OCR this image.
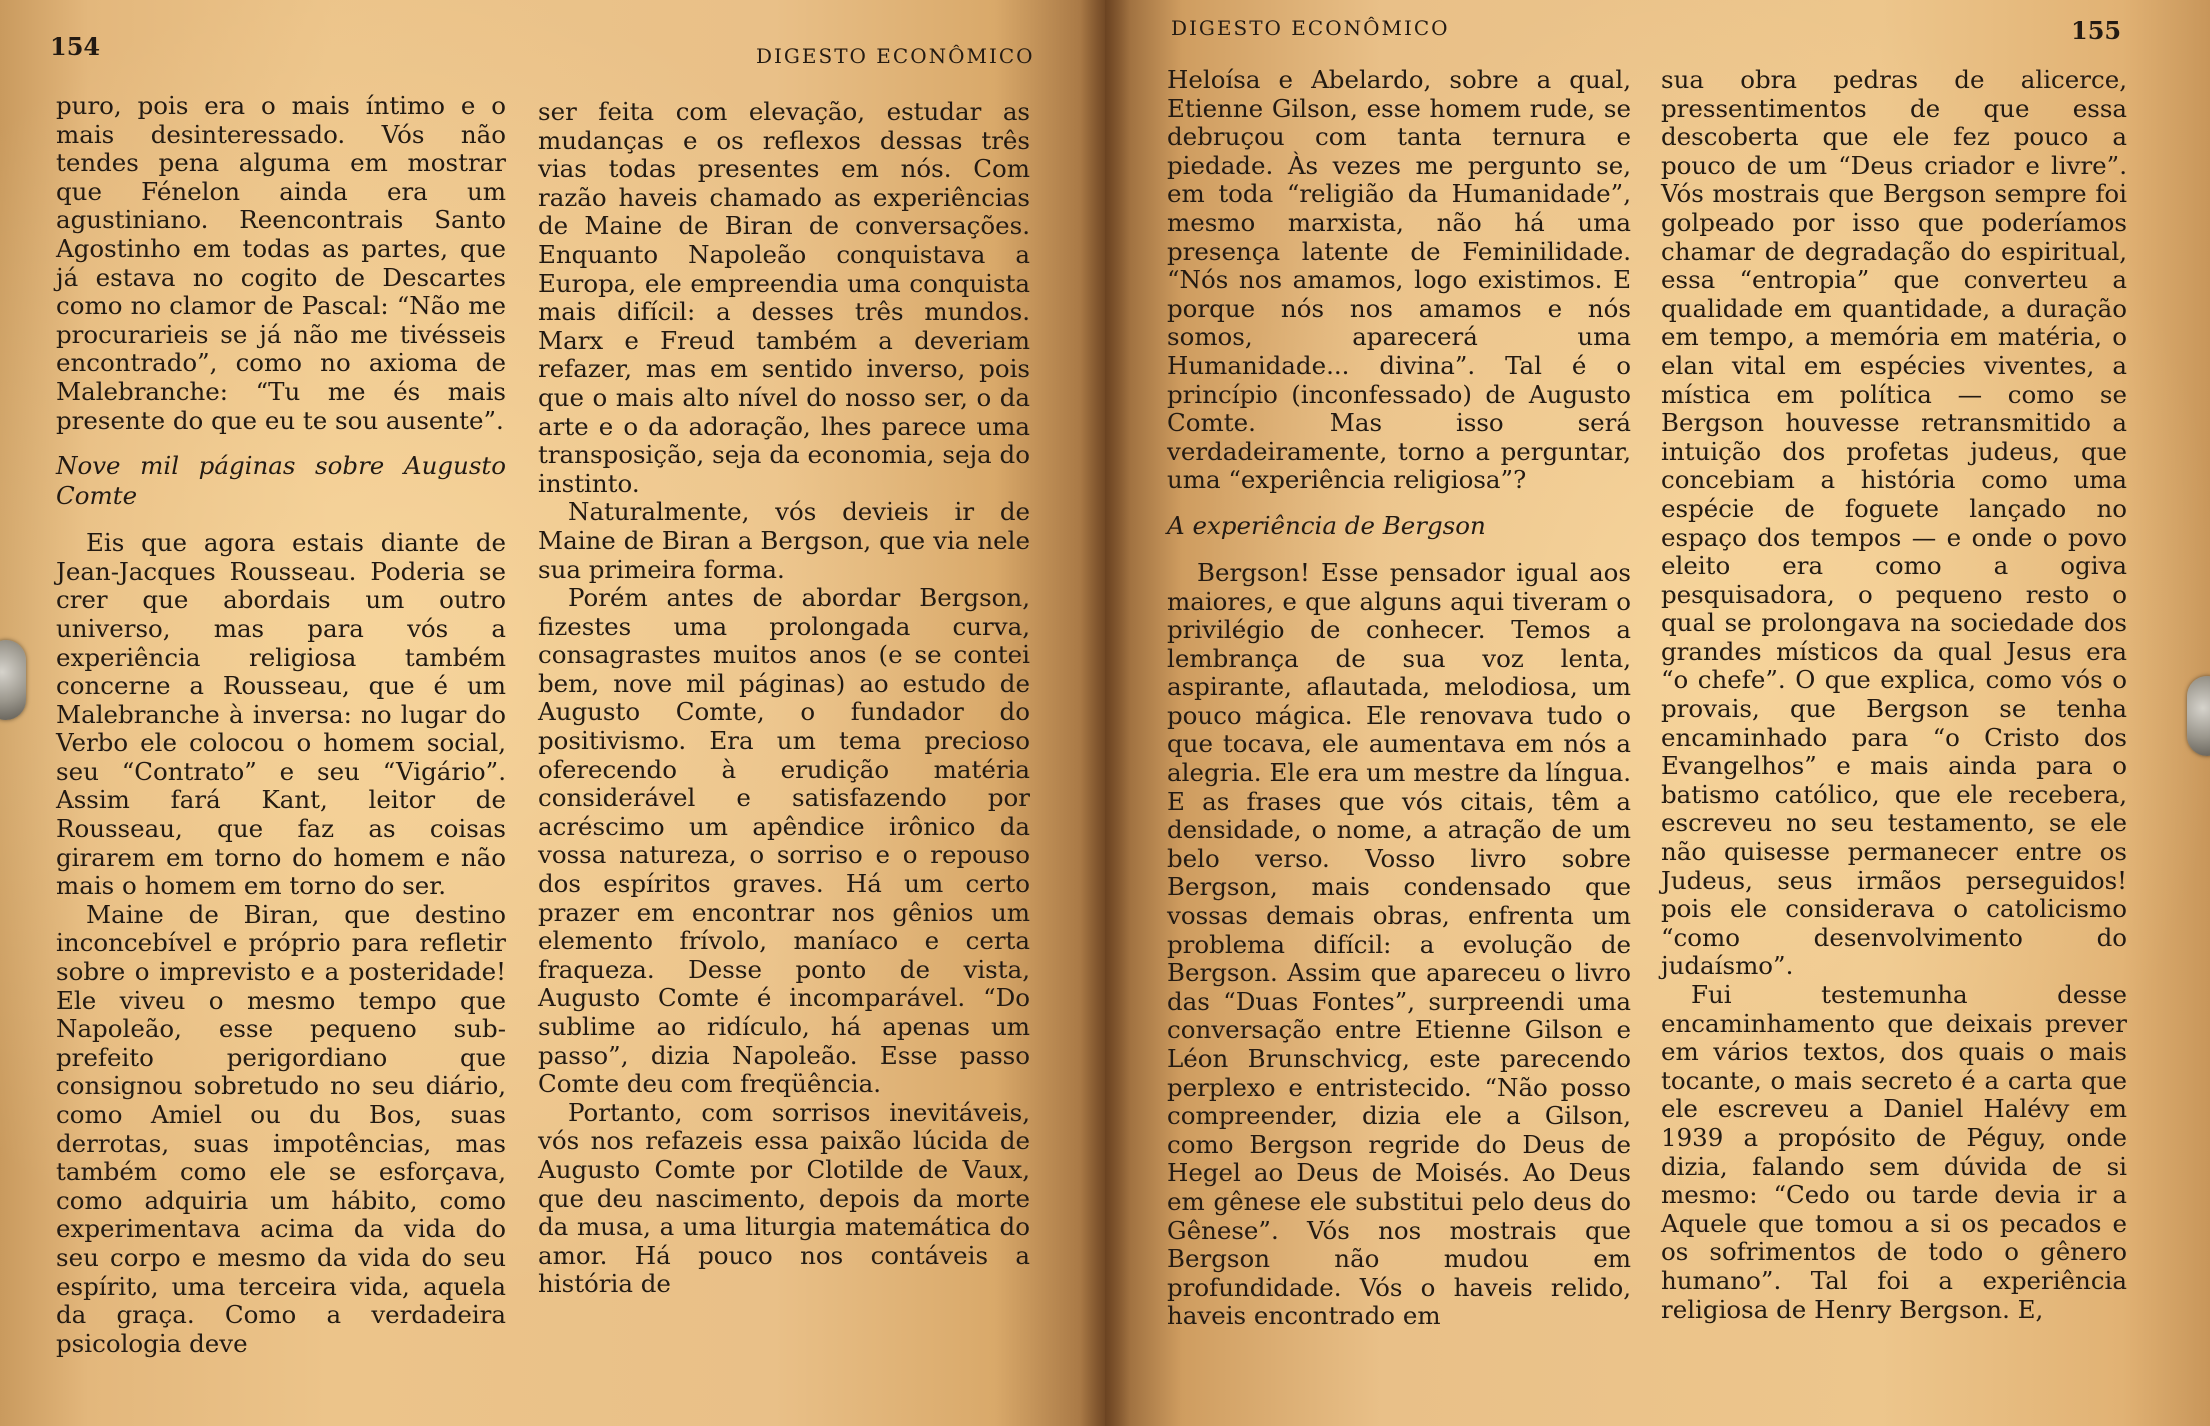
154	DIGESTO ECONÔMICO

puro, pois era o mais íntimo e o mais desinteressado. Vós não tendes pena alguma em mostrar que Fénelon ainda era um agustiniano. Reencontrais Santo Agostinho em todas as partes, que já estava no cogito de Descartes como no clamor de Pascal: “Não me procurarieis se já não me tivésseis encontrado”, como no axioma de Malebranche: “Tu me és mais presente do que eu te sou ausente”.

Nove mil páginas sobre Augusto Comte

Eis que agora estais diante de Jean-Jacques Rousseau. Poderia se crer que abordais um outro universo, mas para vós a experiência religiosa também concerne a Rousseau, que é um Malebranche à inversa: no lugar do Verbo ele colocou o homem social, seu “Contrato” e seu “Vigário”. Assim fará Kant, leitor de Rousseau, que faz as coisas girarem em torno do homem e não mais o homem em torno do ser.

Maine de Biran, que destino inconcebível e próprio para refletir sobre o imprevisto e a posteridade! Ele viveu o mesmo tempo que Napoleão, esse pequeno sub-prefeito perigordiano que consignou sobretudo no seu diário, como Amiel ou du Bos, suas derrotas, suas impotências, mas também como ele se esforçava, como adquiria um hábito, como experimentava acima da vida do seu corpo e mesmo da vida do seu espírito, uma terceira vida, aquela da graça. Como a verdadeira psicologia deve

ser feita com elevação, estudar as mudanças e os reflexos dessas três vias todas presentes em nós. Com razão haveis chamado as experiências de Maine de Biran de conversações. Enquanto Napoleão conquistava a Europa, ele empreendia uma conquista mais difícil: a desses três mundos. Marx e Freud também a deveriam refazer, mas em sentido inverso, pois que o mais alto nível do nosso ser, o da arte e o da adoração, lhes parece uma transposição, seja da economia, seja do instinto.

Naturalmente, vós devieis ir de Maine de Biran a Bergson, que via nele sua primeira forma.

Porém antes de abordar Bergson, fizestes uma prolongada curva, consagrastes muitos anos (e se contei bem, nove mil páginas) ao estudo de Augusto Comte, o fundador do positivismo. Era um tema precioso oferecendo à erudição matéria considerável e satisfazendo por acréscimo um apêndice irônico da vossa natureza, o sorriso e o repouso dos espíritos graves. Há um certo prazer em encontrar nos gênios um elemento frívolo, maníaco e certa fraqueza. Desse ponto de vista, Augusto Comte é incomparável. “Do sublime ao ridículo, há apenas um passo”, dizia Napoleão. Esse passo Comte deu com freqüência.

Portanto, com sorrisos inevitáveis, vós nos refazeis essa paixão lúcida de Augusto Comte por Clotilde de Vaux, que deu nascimento, depois da morte da musa, a uma liturgia matemática do amor. Há pouco nos contáveis a história de

DIGESTO ECONÔMICO	155

Heloísa e Abelardo, sobre a qual, Etienne Gilson, esse homem rude, se debruçou com tanta ternura e piedade. Às vezes me pergunto se, em toda “religião da Humanidade”, mesmo marxista, não há uma presença latente de Feminilidade. “Nós nos amamos, logo existimos. E porque nós nos amamos e nós somos, aparecerá uma Humanidade... divina”. Tal é o princípio (inconfessado) de Augusto Comte. Mas isso será verdadeiramente, torno a perguntar, uma “experiência religiosa”?

A experiência de Bergson

Bergson! Esse pensador igual aos maiores, e que alguns aqui tiveram o privilégio de conhecer. Temos a lembrança de sua voz lenta, aspirante, aflautada, melodiosa, um pouco mágica. Ele renovava tudo o que tocava, ele aumentava em nós a alegria. Ele era um mestre da língua. E as frases que vós citais, têm a densidade, o nome, a atração de um belo verso. Vosso livro sobre Bergson, mais condensado que vossas demais obras, enfrenta um problema difícil: a evolução de Bergson. Assim que apareceu o livro das “Duas Fontes”, surpreendi uma conversação entre Etienne Gilson e Léon Brunschvicg, este parecendo perplexo e entristecido. “Não posso compreender, dizia ele a Gilson, como Bergson regride do Deus de Hegel ao Deus de Moisés. Ao Deus em gênese ele substitui pelo deus do Gênese”. Vós nos mostrais que Bergson não mudou em profundidade. Vós o haveis relido, haveis encontrado em

sua obra pedras de alicerce, pressentimentos de que essa descoberta que ele fez pouco a pouco de um “Deus criador e livre”. Vós mostrais que Bergson sempre foi golpeado por isso que poderíamos chamar de degradação do espiritual, essa “entropia” que converteu a qualidade em quantidade, a duração em tempo, a memória em matéria, o elan vital em espécies viventes, a mística em política — como se Bergson houvesse retransmitido a intuição dos profetas judeus, que concebiam a história como uma espécie de foguete lançado no espaço dos tempos — e onde o povo eleito era como a ogiva pesquisadora, o pequeno resto o qual se prolongava na sociedade dos grandes místicos da qual Jesus era “o chefe”. O que explica, como vós o provais, que Bergson se tenha encaminhado para “o Cristo dos Evangelhos” e mais ainda para o batismo católico, que ele recebera, escreveu no seu testamento, se ele não quisesse permanecer entre os Judeus, seus irmãos perseguidos! pois ele considerava o catolicismo “como desenvolvimento do judaísmo”.

Fui testemunha desse encaminhamento que deixais prever em vários textos, dos quais o mais tocante, o mais secreto é a carta que ele escreveu a Daniel Halévy em 1939 a propósito de Péguy, onde dizia, falando sem dúvida de si mesmo: “Cedo ou tarde devia ir a Aquele que tomou a si os pecados e os sofrimentos de todo o gênero humano”. Tal foi a experiência religiosa de Henry Bergson. E,
